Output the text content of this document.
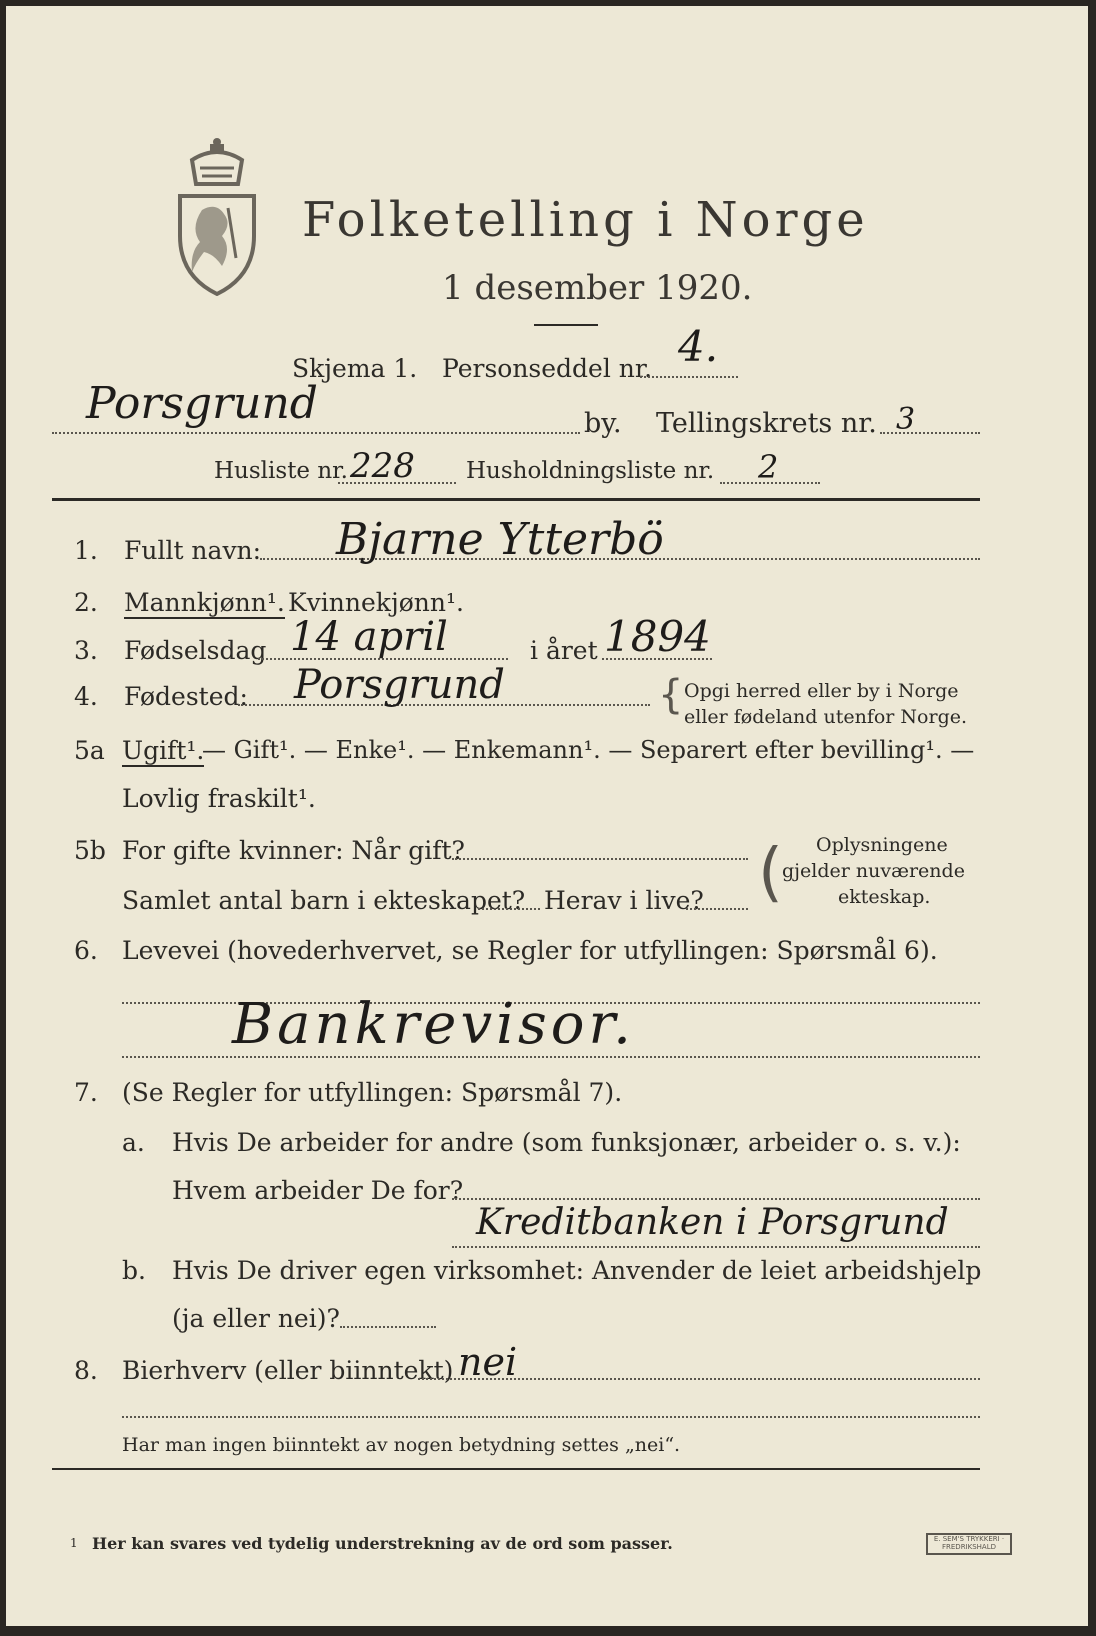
Folketelling i Norge
1 desember 1920.
Skjema 1. Personseddel nr. 4.
Porsgrund	by. Tellingskrets nr. 3
Husliste nr. 228 Husholdningsliste nr. 2
1. Fullt navn: Bjarne Ytterbö
2. Mannkjønn¹. Kvinnekjønn¹.
3. Fødselsdag 14 april	i året 1894
4. Fødested: Porsgrund	{ Opgi herred eller by i Norge
eller fødeland utenfor Norge.
5a Ugift¹.
— Gift¹. — Enke¹. — Enkemann¹. — Separert efter bevilling¹. —
Lovlig fraskilt¹.
5b For gifte kvinner: Når gift?
Samlet antal barn i ekteskapet? Herav i live? ( Oplysningene
gjelder nuværende
ekteskap.
6. Levevei (hovederhvervet, se Regler for utfyllingen: Spørsmål 6).
Bankrevisor.
7. (Se Regler for utfyllingen: Spørsmål 7).
a. Hvis De arbeider for andre (som funksjonær, arbeider o. s. v.):
Hvem arbeider De for?
Kreditbanken i Porsgrund
b. Hvis De driver egen virksomhet: Anvender de leiet arbeidshjelp
(ja eller nei)?
8. Bierhverv (eller biinntekt) nei
Har man ingen biinntekt av nogen betydning settes „nei“.
1 Her kan svares ved tydelig understrekning av de ord som passer.	E. SEM'S TRYKKERI · FREDRIKSHALD
